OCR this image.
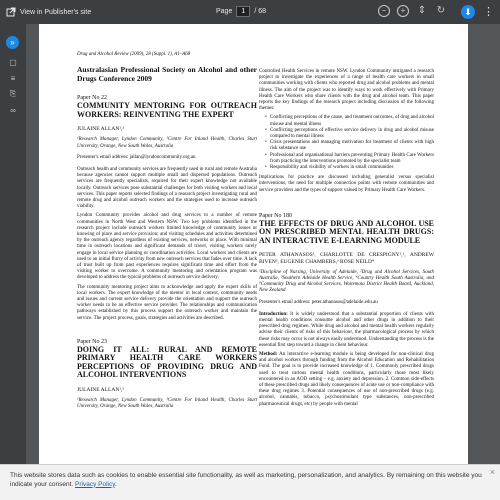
View in Publisher's site	Page
1	/ 68	−	+	⇕ ↻	⬇ ⋮
»
▢
≡
⎘
∞
Drug and Alcohol Review (2009), 28 (Suppl. 1), A1–A68
Australasian Professional Society on Alcohol and other Drugs Conference 2009
Paper No 22
COMMUNITY MENTORING FOR OUTREACH WORKERS: REINVENTING THE EXPERT
JULAINE ALLAN¹,²
¹Research Manager, Lyndon Community, ²Centre For Inland Health, Charles Sturt University, Orange, New South Wales, Australia
Presenter's email address: jallan@lyndoncommunity.org.au
Outreach health and community services are frequently used in rural and remote Australia because agencies cannot support multiple small and dispersed populations. Outreach services are frequently specialists, required for their expert knowledge not available locally. Outreach services pose substantial challenges for both visiting workers and local services. This paper reports selected findings of a research project investigating rural and remote drug and alcohol outreach workers and the strategies used to increase outreach viability.
Lyndon Community provides alcohol and drug services to a number of remote communities in North West and Western NSW. Two key problems identified in the research project include outreach workers limited knowledge of community issues or knowing of place and service provision; and visiting schedules and activities determined by the outreach agency regardless of existing services, networks or place. With minimal time in outreach locations and significant demands of travel, visiting workers rarely engage in local service planning or coordination activities. Local workers and clients are used to an initial flurry of activity from new outreach services that fades over time. A lack of trust built up from past experiences requires significant time and effort from the visiting worker to overcome. A community mentoring and orientation program was developed to address the typical problems of outreach service delivery.
The community mentoring project aims to acknowledge and apply the expert skills of local workers. The expert knowledge of the mentor in local context, community needs and issues and current service delivery provide the orientation and support the outreach worker needs to be an effective service provider. The relationships and communication pathways established by this process support the outreach worker and maintain the service. The project process, goals, strategies and activities are described.
Paper No 23
DOING IT ALL: RURAL AND REMOTE PRIMARY HEALTH CARE WORKERS PERCEPTIONS OF PROVIDING DRUG AND ALCOHOL INTERVENTIONS
JULAINE ALLAN¹,²
¹Research Manager, Lyndon Community, ²Centre For Inland Health, Charles Sturt University, Orange, New South Wales, Australia
Controlled Health Services in remote NSW. Lyndon Community instigated a research project to investigate the experiences of a range of health care workers in small communities working with clients who reported drug and alcohol problems and mental illness. The aim of the project was to identify ways to work effectively with Primary Health Care Workers who share clients with the drug and alcohol team. This paper reports the key findings of the research project including discussion of the following themes:
• Conflicting perceptions of the cause, and treatment outcomes, of drug and alcohol misuse and mental illness
• Conflicting perceptions of effective service delivery in drug and alcohol misuse compared to mental illness
• Crisis presentations and managing motivation for treatment of clients with high risk substance use
• Professional and organisational barriers preventing Primary Health Care Workers from practicing the interventions promoted by the specialist team
• Responsibility and visibility of workers in small communities
Implications for practice are discussed including generalist versus specialist interventions, the need for multiple connection points with remote communities and service providers and the types of support valued by Primary Health Care Workers.
Paper No 180
THE EFFECTS OF DRUG AND ALCOHOL USE ON PRESCRIBED MENTAL HEALTH DRUGS: AN INTERACTIVE E-LEARNING MODULE
PETER ATHANASOS¹, CHARLOTTE DE CRESPIGNY¹,², ANDREW BIVEN³, EUGENIE CHAMBERS,³ ROSE NEILD⁴
¹Discipline of Nursing, University of Adelaide, ²Drug and Alcohol Services, South Australia, ³Southern Adelaide Health Service, ⁴Country Health South Australia, and ⁵Community Drug and Alcohol Services, Waitemata District Health Board, Auckland, New Zealand
Presenter's email address: peter.athanasos@adelaide.edu.au
Introduction: It is widely understood that a substantial proportion of clients with mental health conditions consume alcohol and other drugs in addition to their prescribed drug regimen. While drug and alcohol and mental health workers regularly advise their clients of risks of this behaviour, the pharmacological process by which these risks may occur is not always easily understood. Understanding the process is the essential first step toward a change in client behaviour.
Method: An interactive e-learning module is being developed for non-clinical drug and alcohol workers through funding from the Alcohol Education and Rehabilitation Fund. The goal is to provide increased knowledge of 1. Commonly prescribed drugs used to treat various mental health conditions, particularly those most likely encountered in an AOD setting – e.g. anxiety and depression. 2. Common side-effects of these prescribed drugs and likely consequences of acute use or non-compliance with these drug regimes 3. Potential consequences of use of non-prescribed drugs (e.g. alcohol, cannabis, tobacco, psychostimulant type substances, non-prescribed pharmaceutical drugs, etc) by people with mental
This website stores data such as cookies to enable essential site functionality, as well as marketing, personalization, and analytics. By remaining on this website you indicate your consent. Privacy Policy.
×
